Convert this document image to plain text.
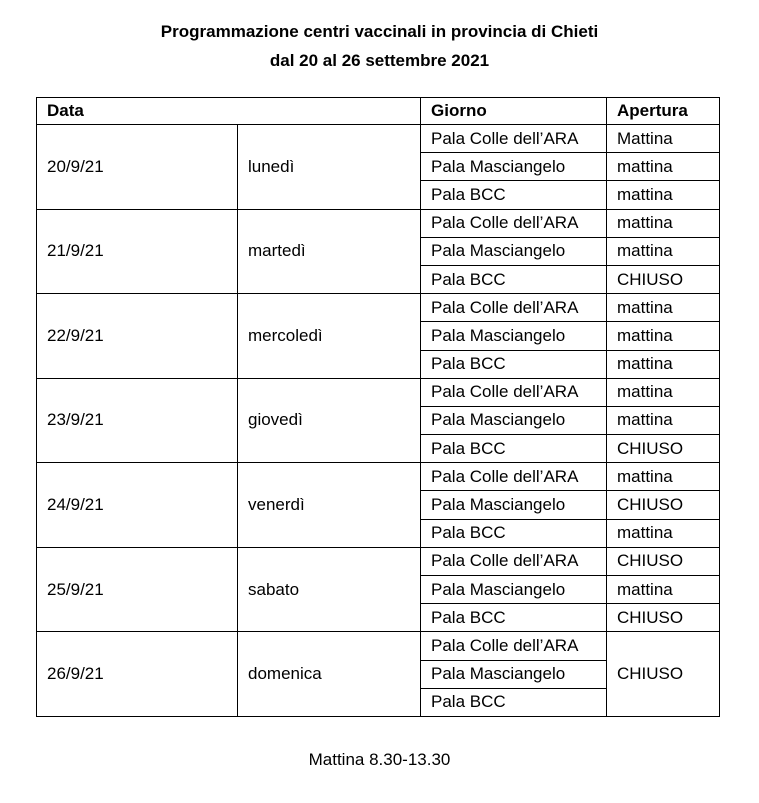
Programmazione centri vaccinali in provincia di Chieti
dal 20 al 26 settembre 2021
Data		Giorno	Apertura
20/9/21	lunedì	Pala Colle dell’ARA	Mattina
		Pala Masciangelo	mattina
		Pala BCC	mattina
21/9/21	martedì	Pala Colle dell’ARA	mattina
		Pala Masciangelo	mattina
		Pala BCC	CHIUSO
22/9/21	mercoledì	Pala Colle dell’ARA	mattina
		Pala Masciangelo	mattina
		Pala BCC	mattina
23/9/21	giovedì	Pala Colle dell’ARA	mattina
		Pala Masciangelo	mattina
		Pala BCC	CHIUSO
24/9/21	venerdì	Pala Colle dell’ARA	mattina
		Pala Masciangelo	CHIUSO
		Pala BCC	mattina
25/9/21	sabato	Pala Colle dell’ARA	CHIUSO
		Pala Masciangelo	mattina
		Pala BCC	CHIUSO
26/9/21	domenica	Pala Colle dell’ARA	CHIUSO
		Pala Masciangelo	
		Pala BCC	
Mattina 8.30-13.30
